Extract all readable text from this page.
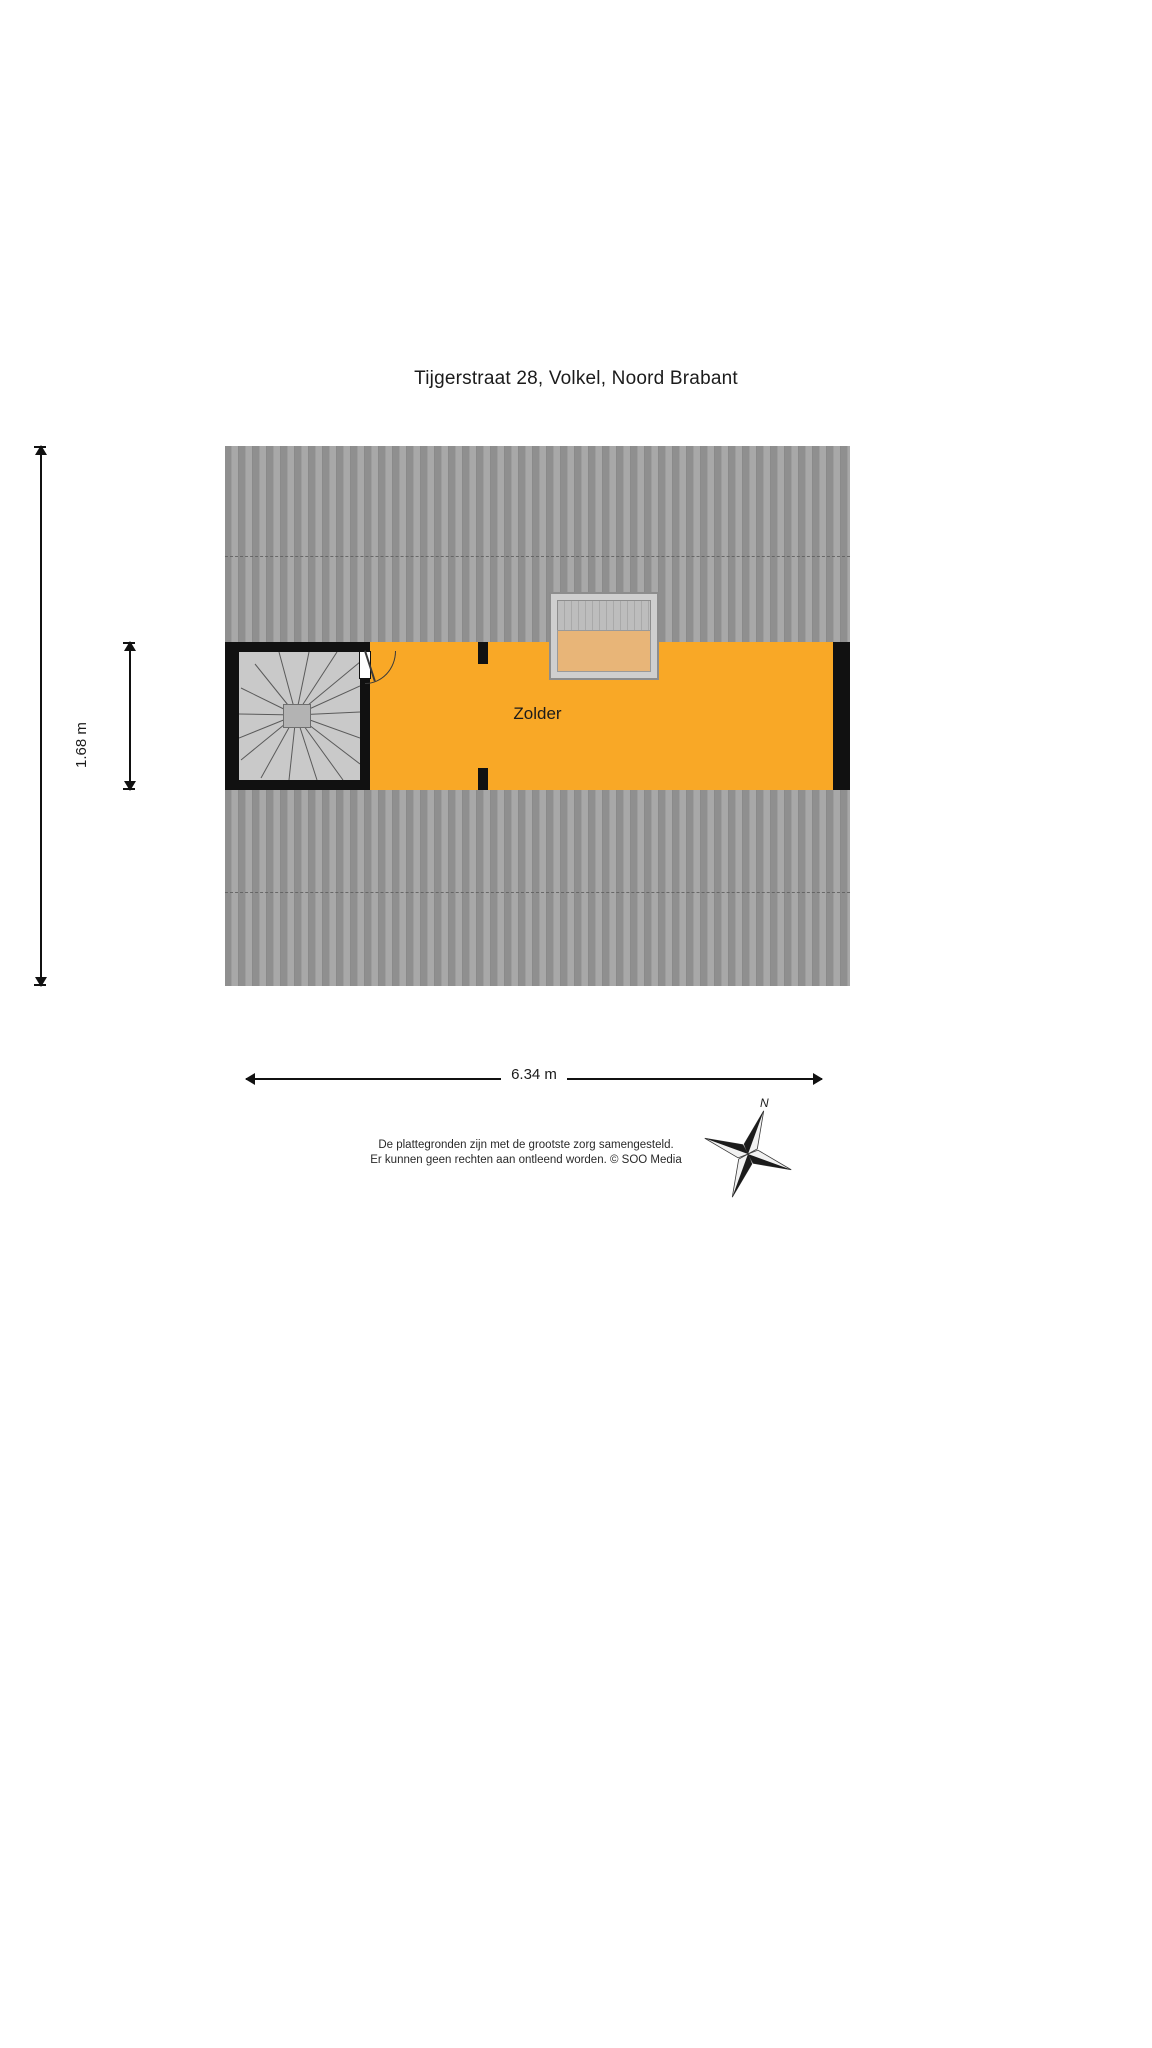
Tijgerstraat 28, Volkel, Noord Brabant
Zolder
1.68 m
6.34 m
De plattegronden zijn met de grootste zorg samengesteld.
Er kunnen geen rechten aan ontleend worden. © SOO Media
N
